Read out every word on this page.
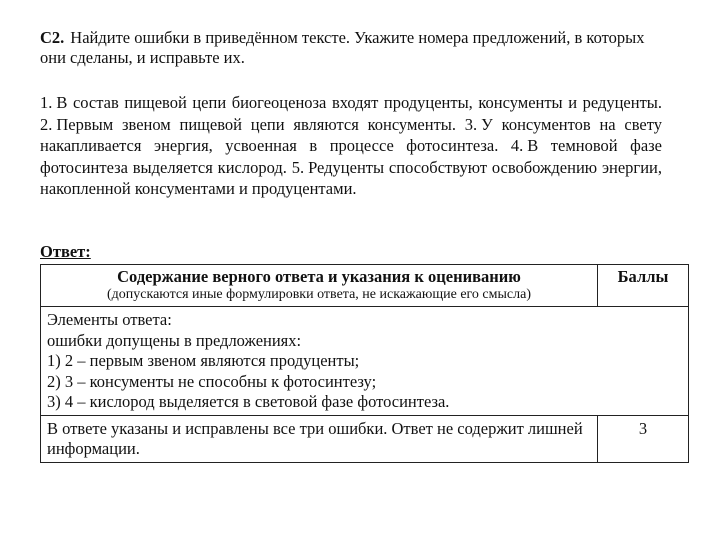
С2. Найдите ошибки в приведённом тексте. Укажите номера предложений, в которых они сделаны, и исправьте их.
1. В состав пищевой цепи биогеоценоза входят продуценты, консументы и редуценты. 2. Первым звеном пищевой цепи являются консументы. 3. У консументов на свету накапливается энергия, усвоенная в процессе фотосинтеза. 4. В темновой фазе фотосинтеза выделяется кислород. 5. Редуценты способствуют освобождению энергии, накопленной консументами и продуцентами.
Ответ:
Содержание верного ответа и указания к оцениванию
(допускаются иные формулировки ответа, не искажающие его смысла)	Баллы

Элементы ответа:
ошибки допущены в предложениях:
1) 2 – первым звеном являются продуценты;
2) 3 – консументы не способны к фотосинтезу;
3) 4 – кислород выделяется в световой фазе фотосинтеза.	

В ответе указаны и исправлены все три ошибки. Ответ не содержит лишней информации.	3
